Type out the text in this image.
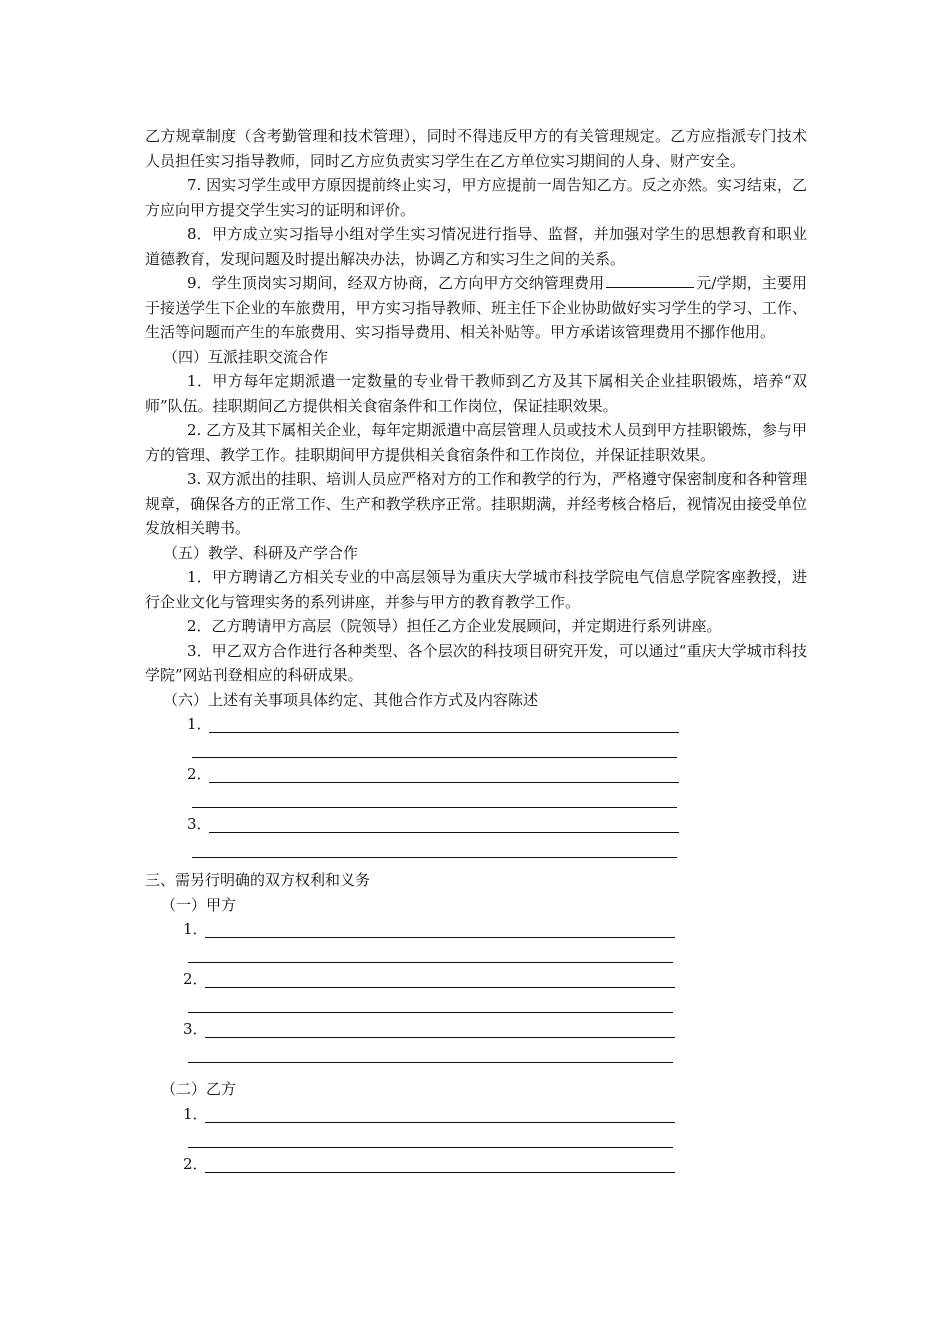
乙方规章制度（含考勤管理和技术管理），同时不得违反甲方的有关管理规定。乙方应指派专门技术人员担任实习指导教师，同时乙方应负责实习学生在乙方单位实习期间的人身、财产安全。

7. 因实习学生或甲方原因提前终止实习，甲方应提前一周告知乙方。反之亦然。实习结束，乙方应向甲方提交学生实习的证明和评价。

8．甲方成立实习指导小组对学生实习情况进行指导、监督，并加强对学生的思想教育和职业道德教育，发现问题及时提出解决办法，协调乙方和实习生之间的关系。

9．学生顶岗实习期间，经双方协商，乙方向甲方交纳管理费用	元/学期，主要用于接送学生下企业的车旅费用，甲方实习指导教师、班主任下企业协助做好实习学生的学习、工作、生活等问题而产生的车旅费用、实习指导费用、相关补贴等。甲方承诺该管理费用不挪作他用。

（四）互派挂职交流合作

1．甲方每年定期派遣一定数量的专业骨干教师到乙方及其下属相关企业挂职锻炼，培养“双师”队伍。挂职期间乙方提供相关食宿条件和工作岗位，保证挂职效果。

2. 乙方及其下属相关企业，每年定期派遣中高层管理人员或技术人员到甲方挂职锻炼，参与甲方的管理、教学工作。挂职期间甲方提供相关食宿条件和工作岗位，并保证挂职效果。

3. 双方派出的挂职、培训人员应严格对方的工作和教学的行为，严格遵守保密制度和各种管理规章，确保各方的正常工作、生产和教学秩序正常。挂职期满，并经考核合格后，视情况由接受单位发放相关聘书。

（五）教学、科研及产学合作

1．甲方聘请乙方相关专业的中高层领导为重庆大学城市科技学院电气信息学院客座教授，进行企业文化与管理实务的系列讲座，并参与甲方的教育教学工作。

2．乙方聘请甲方高层（院领导）担任乙方企业发展顾问，并定期进行系列讲座。

3．甲乙双方合作进行各种类型、各个层次的科技项目研究开发，可以通过“重庆大学城市科技学院”网站刊登相应的科研成果。

（六）上述有关事项具体约定、其他合作方式及内容陈述

1．
2．
3．

三、需另行明确的双方权利和义务

（一）甲方

1．
2．
3．

（二）乙方

1．
2．
